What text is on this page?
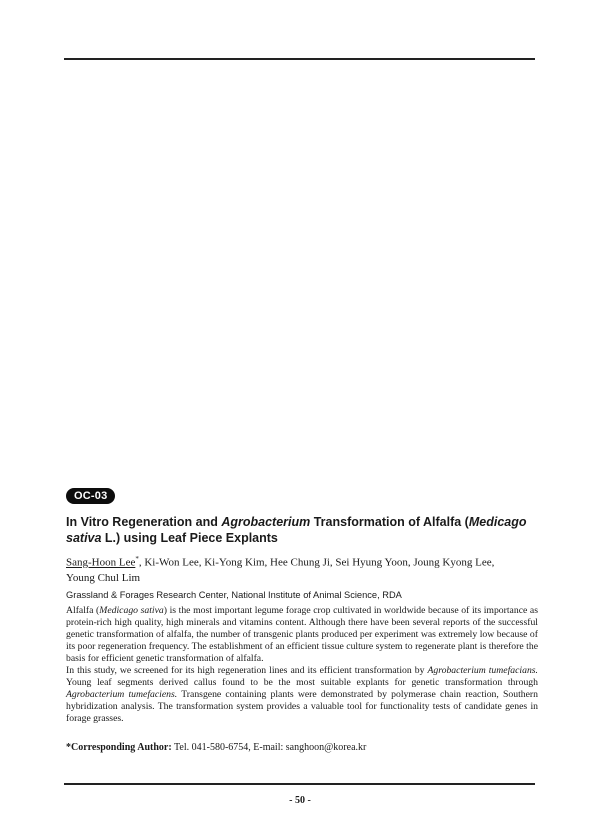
OC-03
In Vitro Regeneration and Agrobacterium Transformation of Alfalfa (Medicago sativa L.) using Leaf Piece Explants
Sang-Hoon Lee*, Ki-Won Lee, Ki-Yong Kim, Hee Chung Ji, Sei Hyung Yoon, Joung Kyong Lee,
Young Chul Lim
Grassland & Forages Research Center, National Institute of Animal Science, RDA

Alfalfa (Medicago sativa) is the most important legume forage crop cultivated in worldwide because of its importance as protein-rich high quality, high minerals and vitamins content. Although there have been several reports of the successful genetic transformation of alfalfa, the number of transgenic plants produced per experiment was extremely low because of its poor regeneration frequency. The establishment of an efficient tissue culture system to regenerate plant is therefore the basis for efficient genetic transformation of alfalfa.

In this study, we screened for its high regeneration lines and its efficient transformation by Agrobacterium tumefacians. Young leaf segments derived callus found to be the most suitable explants for genetic transformation through Agrobacterium tumefaciens. Transgene containing plants were demonstrated by polymerase chain reaction, Southern hybridization analysis. The transformation system provides a valuable tool for functionality tests of candidate genes in forage grasses.

*Corresponding Author: Tel. 041-580-6754, E-mail: sanghoon@korea.kr
- 50 -
